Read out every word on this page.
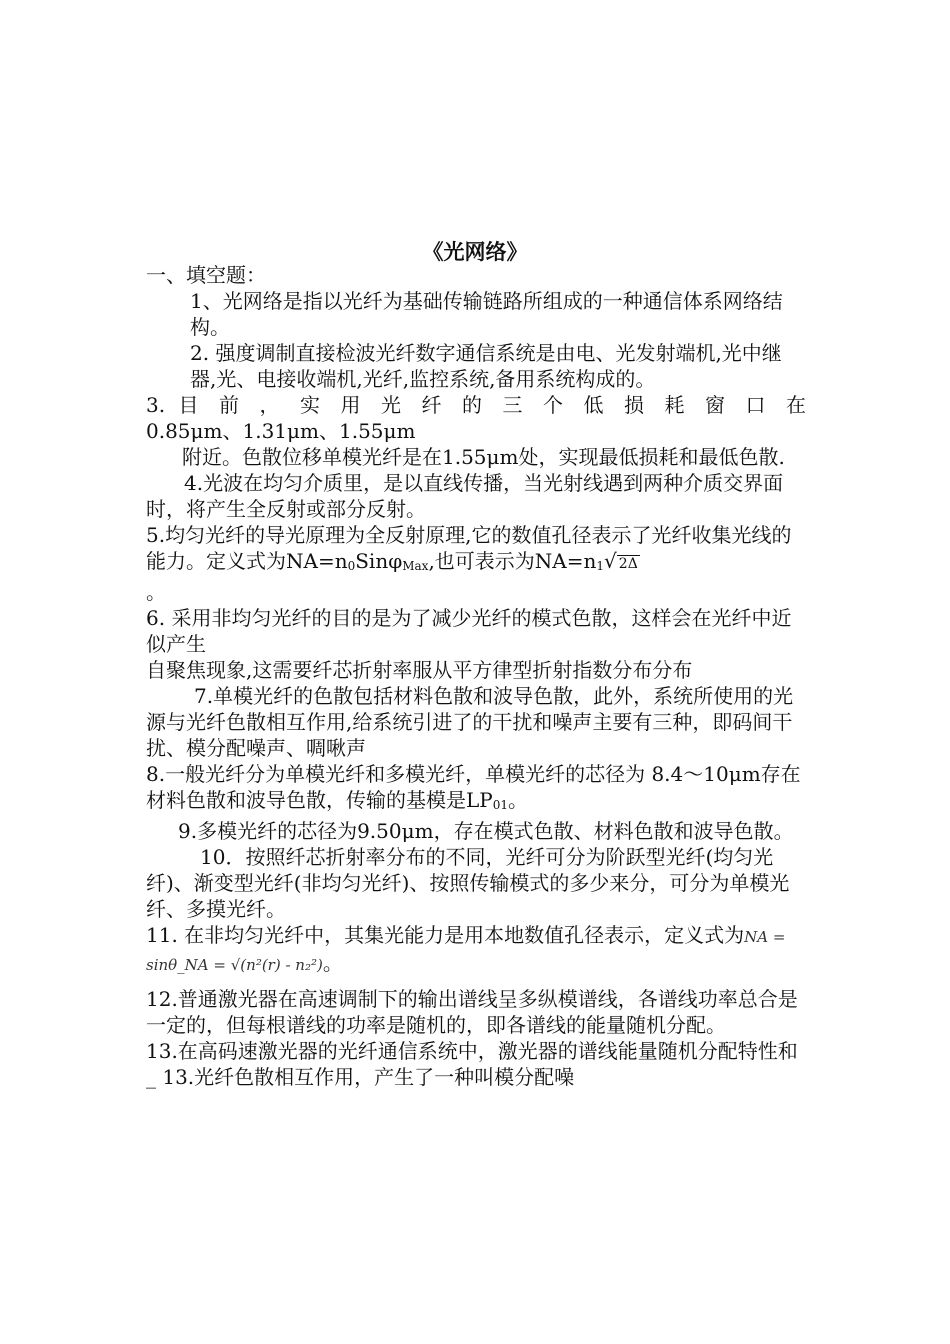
《光网络》

一、填空题：

1、光网络是指以光纤为基础传输链路所组成的一种通信体系网络结构。

2. 强度调制直接检波光纤数字通信系统是由电、光发射端机,光中继器,光、电接收端机,光纤,监控系统,备用系统构成的。

3. 目 前 ， 实 用 光 纤 的 三 个 低 损 耗 窗 口 在

0.85μm、1.31μm、1.55μm

附近。色散位移单模光纤是在1.55μm处，实现最低损耗和最低色散.

4.光波在均匀介质里，是以直线传播，当光射线遇到两种介质交界面时，将产生全反射或部分反射。

5.均匀光纤的导光原理为全反射原理,它的数值孔径表示了光纤收集光线的能力。定义式为$NA=n_0Sin\varphi_{Max}$,也可表示为$NA=n_1√$ 2Δ
。

6. 采用非均匀光纤的目的是为了减少光纤的模式色散，这样会在光纤中近似产生

自聚焦现象,这需要纤芯折射率服从平方律型折射指数分布分布

7.单模光纤的色散包括材料色散和波导色散，此外，系统所使用的光源与光纤色散相互作用,给系统引进了的干扰和噪声主要有三种，即码间干扰、模分配噪声、啁啾声

8.一般光纤分为单模光纤和多模光纤，单模光纤的芯径为 8.4～10μm存在材料色散和波导色散，传输的基模是$LP_{01}$。

9.多模光纤的芯径为9.50μm，存在模式色散、材料色散和波导色散。

10．按照纤芯折射率分布的不同，光纤可分为阶跃型光纤(均匀光纤)、渐变型光纤(非均匀光纤)、按照传输模式的多少来分，可分为单模光纤、多摸光纤。

11. 在非均匀光纤中，其集光能力是用本地数值孔径表示，定义式为NA = sinθ_NA = √(n²(r) - n₂²)。

12.普通激光器在高速调制下的输出谱线呈多纵模谱线，各谱线功率总合是一定的，但每根谱线的功率是随机的，即各谱线的能量随机分配。

13.在高码速激光器的光纤通信系统中，激光器的谱线能量随机分配特性和_ 13.光纤色散相互作用，产生了一种叫模分配噪
